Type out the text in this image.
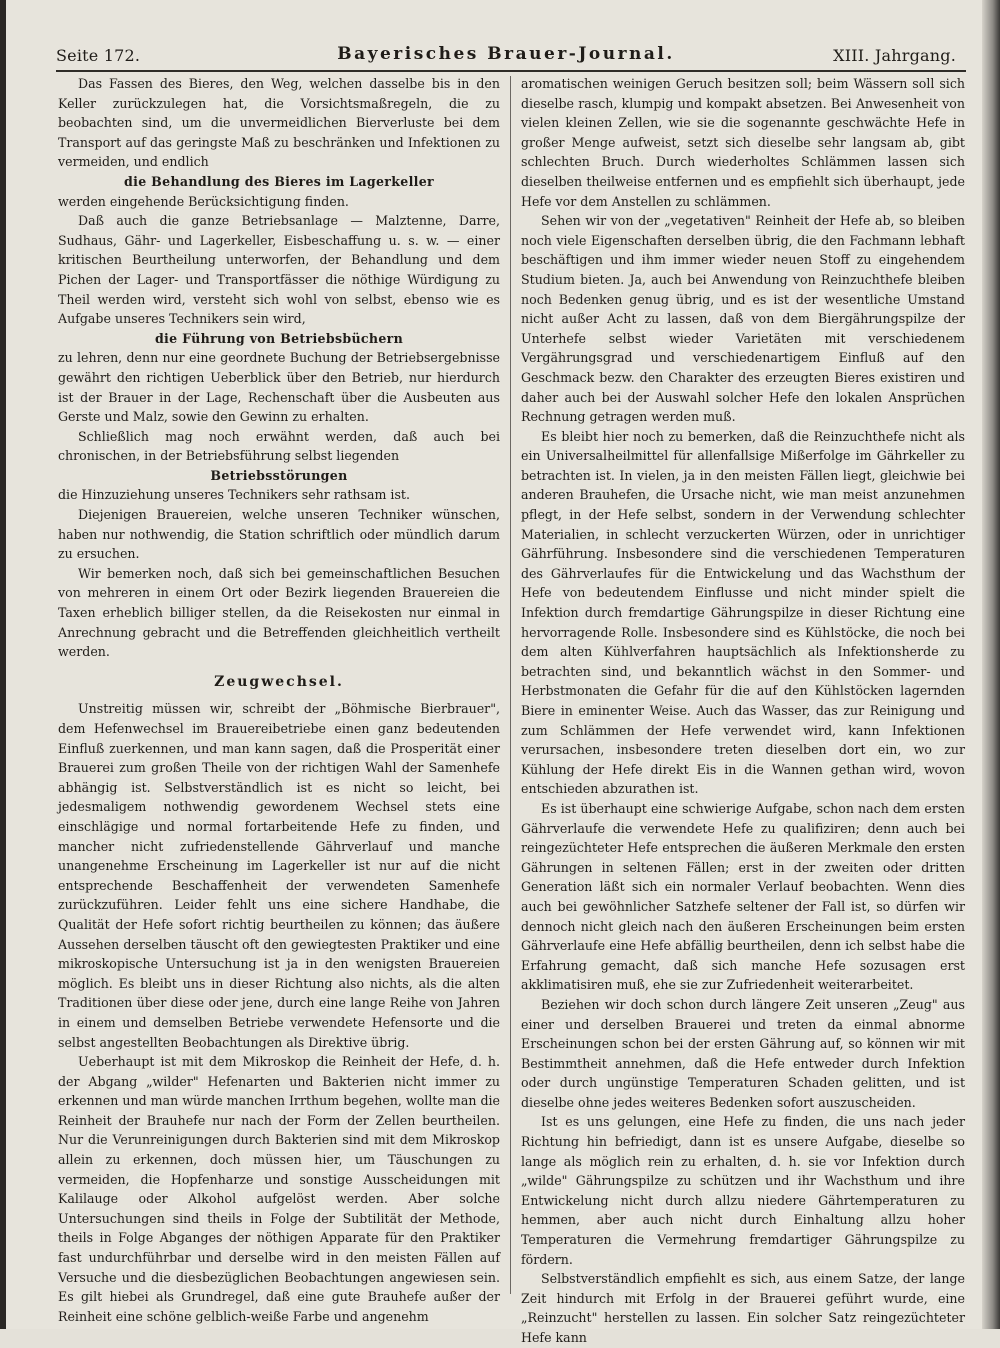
Seite 172.	Bayerisches Brauer-Journal.	XIII. Jahrgang.

Das Fassen des Bieres, den Weg, welchen dasselbe bis in den Keller zurückzulegen hat, die Vorsichtsmaßregeln, die zu beobachten sind, um die unvermeidlichen Bierverluste bei dem Transport auf das geringste Maß zu beschränken und Infektionen zu vermeiden, und endlich

die Behandlung des Bieres im Lagerkeller

werden eingehende Berücksichtigung finden.

Daß auch die ganze Betriebsanlage — Malztenne, Darre, Sudhaus, Gähr- und Lagerkeller, Eisbeschaffung u. s. w. — einer kritischen Beurtheilung unterworfen, der Behandlung und dem Pichen der Lager- und Transportfässer die nöthige Würdigung zu Theil werden wird, versteht sich wohl von selbst, ebenso wie es Aufgabe unseres Technikers sein wird,

die Führung von Betriebsbüchern

zu lehren, denn nur eine geordnete Buchung der Betriebsergebnisse gewährt den richtigen Ueberblick über den Betrieb, nur hierdurch ist der Brauer in der Lage, Rechenschaft über die Ausbeuten aus Gerste und Malz, sowie den Gewinn zu erhalten.

Schließlich mag noch erwähnt werden, daß auch bei chronischen, in der Betriebsführung selbst liegenden

Betriebsstörungen

die Hinzuziehung unseres Technikers sehr rathsam ist.

Diejenigen Brauereien, welche unseren Techniker wünschen, haben nur nothwendig, die Station schriftlich oder mündlich darum zu ersuchen.

Wir bemerken noch, daß sich bei gemeinschaftlichen Besuchen von mehreren in einem Ort oder Bezirk liegenden Brauereien die Taxen erheblich billiger stellen, da die Reisekosten nur einmal in Anrechnung gebracht und die Betreffenden gleichheitlich vertheilt werden.

Zeugwechsel.

Unstreitig müssen wir, schreibt der „Böhmische Bierbrauer", dem Hefenwechsel im Brauereibetriebe einen ganz bedeutenden Einfluß zuerkennen, und man kann sagen, daß die Prosperität einer Brauerei zum großen Theile von der richtigen Wahl der Samenhefe abhängig ist. Selbstverständlich ist es nicht so leicht, bei jedesmaligem nothwendig gewordenem Wechsel stets eine einschlägige und normal fortarbeitende Hefe zu finden, und mancher nicht zufriedenstellende Gährverlauf und manche unangenehme Erscheinung im Lagerkeller ist nur auf die nicht entsprechende Beschaffenheit der verwendeten Samenhefe zurückzuführen. Leider fehlt uns eine sichere Handhabe, die Qualität der Hefe sofort richtig beurtheilen zu können; das äußere Aussehen derselben täuscht oft den gewiegtesten Praktiker und eine mikroskopische Untersuchung ist ja in den wenigsten Brauereien möglich. Es bleibt uns in dieser Richtung also nichts, als die alten Traditionen über diese oder jene, durch eine lange Reihe von Jahren in einem und demselben Betriebe verwendete Hefensorte und die selbst angestellten Beobachtungen als Direktive übrig.

Ueberhaupt ist mit dem Mikroskop die Reinheit der Hefe, d. h. der Abgang „wilder" Hefenarten und Bakterien nicht immer zu erkennen und man würde manchen Irrthum begehen, wollte man die Reinheit der Brauhefe nur nach der Form der Zellen beurtheilen. Nur die Verunreinigungen durch Bakterien sind mit dem Mikroskop allein zu erkennen, doch müssen hier, um Täuschungen zu vermeiden, die Hopfenharze und sonstige Ausscheidungen mit Kalilauge oder Alkohol aufgelöst werden. Aber solche Untersuchungen sind theils in Folge der Subtilität der Methode, theils in Folge Abganges der nöthigen Apparate für den Praktiker fast undurchführbar und derselbe wird in den meisten Fällen auf Versuche und die diesbezüglichen Beobachtungen angewiesen sein. Es gilt hiebei als Grundregel, daß eine gute Brauhefe außer der Reinheit eine schöne gelblich-weiße Farbe und angenehm

aromatischen weinigen Geruch besitzen soll; beim Wässern soll sich dieselbe rasch, klumpig und kompakt absetzen. Bei Anwesenheit von vielen kleinen Zellen, wie sie die sogenannte geschwächte Hefe in großer Menge aufweist, setzt sich dieselbe sehr langsam ab, gibt schlechten Bruch. Durch wiederholtes Schlämmen lassen sich dieselben theilweise entfernen und es empfiehlt sich überhaupt, jede Hefe vor dem Anstellen zu schlämmen.

Sehen wir von der „vegetativen" Reinheit der Hefe ab, so bleiben noch viele Eigenschaften derselben übrig, die den Fachmann lebhaft beschäftigen und ihm immer wieder neuen Stoff zu eingehendem Studium bieten. Ja, auch bei Anwendung von Reinzuchthefe bleiben noch Bedenken genug übrig, und es ist der wesentliche Umstand nicht außer Acht zu lassen, daß von dem Biergährungspilze der Unterhefe selbst wieder Varietäten mit verschiedenem Vergährungsgrad und verschiedenartigem Einfluß auf den Geschmack bezw. den Charakter des erzeugten Bieres existiren und daher auch bei der Auswahl solcher Hefe den lokalen Ansprüchen Rechnung getragen werden muß.

Es bleibt hier noch zu bemerken, daß die Reinzuchthefe nicht als ein Universalheilmittel für allenfallsige Mißerfolge im Gährkeller zu betrachten ist. In vielen, ja in den meisten Fällen liegt, gleichwie bei anderen Brauhefen, die Ursache nicht, wie man meist anzunehmen pflegt, in der Hefe selbst, sondern in der Verwendung schlechter Materialien, in schlecht verzuckerten Würzen, oder in unrichtiger Gährführung. Insbesondere sind die verschiedenen Temperaturen des Gährverlaufes für die Entwickelung und das Wachsthum der Hefe von bedeutendem Einflusse und nicht minder spielt die Infektion durch fremdartige Gährungspilze in dieser Richtung eine hervorragende Rolle. Insbesondere sind es Kühlstöcke, die noch bei dem alten Kühlverfahren hauptsächlich als Infektionsherde zu betrachten sind, und bekanntlich wächst in den Sommer- und Herbstmonaten die Gefahr für die auf den Kühlstöcken lagernden Biere in eminenter Weise. Auch das Wasser, das zur Reinigung und zum Schlämmen der Hefe verwendet wird, kann Infektionen verursachen, insbesondere treten dieselben dort ein, wo zur Kühlung der Hefe direkt Eis in die Wannen gethan wird, wovon entschieden abzurathen ist.

Es ist überhaupt eine schwierige Aufgabe, schon nach dem ersten Gährverlaufe die verwendete Hefe zu qualifiziren; denn auch bei reingezüchteter Hefe entsprechen die äußeren Merkmale den ersten Gährungen in seltenen Fällen; erst in der zweiten oder dritten Generation läßt sich ein normaler Verlauf beobachten. Wenn dies auch bei gewöhnlicher Satzhefe seltener der Fall ist, so dürfen wir dennoch nicht gleich nach den äußeren Erscheinungen beim ersten Gährverlaufe eine Hefe abfällig beurtheilen, denn ich selbst habe die Erfahrung gemacht, daß sich manche Hefe sozusagen erst akklimatisiren muß, ehe sie zur Zufriedenheit weiterarbeitet.

Beziehen wir doch schon durch längere Zeit unseren „Zeug" aus einer und derselben Brauerei und treten da einmal abnorme Erscheinungen schon bei der ersten Gährung auf, so können wir mit Bestimmtheit annehmen, daß die Hefe entweder durch Infektion oder durch ungünstige Temperaturen Schaden gelitten, und ist dieselbe ohne jedes weiteres Bedenken sofort auszuscheiden.

Ist es uns gelungen, eine Hefe zu finden, die uns nach jeder Richtung hin befriedigt, dann ist es unsere Aufgabe, dieselbe so lange als möglich rein zu erhalten, d. h. sie vor Infektion durch „wilde" Gährungspilze zu schützen und ihr Wachsthum und ihre Entwickelung nicht durch allzu niedere Gährtemperaturen zu hemmen, aber auch nicht durch Einhaltung allzu hoher Temperaturen die Vermehrung fremdartiger Gährungspilze zu fördern.

Selbstverständlich empfiehlt es sich, aus einem Satze, der lange Zeit hindurch mit Erfolg in der Brauerei geführt wurde, eine „Reinzucht" herstellen zu lassen. Ein solcher Satz reingezüchteter Hefe kann
